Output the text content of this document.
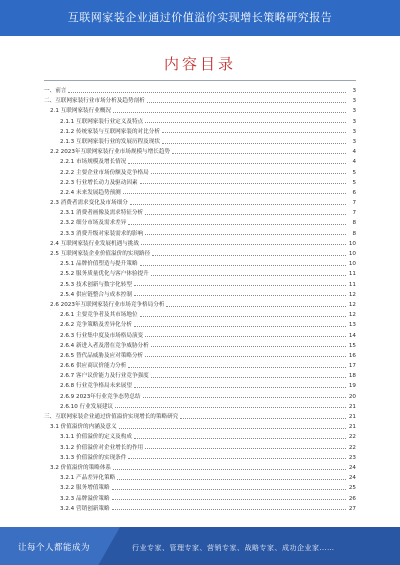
互联网家装企业通过价值溢价实现增长策略研究报告
内容目录
一、前言	3
二、互联网家装行业市场分析及趋势剖析	3
2.1 互联网家装行业概况	3
2.1.1 互联网家装行业定义及特点	3
2.1.2 传统家装与互联网家装的对比分析	3
2.1.3 互联网家装行业的发展历程及现状	3
2.2 2023年互联网家装行业市场规模与增长趋势	4
2.2.1 市场规模及增长情况	4
2.2.2 主要企业市场份额及竞争格局	5
2.2.3 行业增长动力及驱动因素	5
2.2.4 未来发展趋势预测	6
2.3 消费者需求变化及市场细分	7
2.3.1 消费者画像及需求特征分析	7
2.3.2 细分市场及需求差异	8
2.3.3 消费升级对家装需求的影响	8
2.4 互联网家装行业发展机遇与挑战	10
2.5 互联网家装企业价值溢价的实现路径	10
2.5.1 品牌价值塑造与提升策略	10
2.5.2 服务质量优化与客户体验提升	11
2.5.3 技术创新与数字化转型	11
2.5.4 供应链整合与成本控制	12
2.6 2023年互联网家装行业市场竞争格局分析	12
2.6.1 主要竞争者及其市场地位	12
2.6.2 竞争策略及差异化分析	13
2.6.3 行业集中度及市场格局演变	14
2.6.4 新进入者及潜在竞争威胁分析	15
2.6.5 替代品威胁及应对策略分析	16
2.6.6 供应商议价能力分析	17
2.6.7 客户议价能力及行业竞争强度	18
2.6.8 行业竞争格局未来展望	19
2.6.9 2023年行业竞争态势总结	20
2.6.10 行业发展建议	21
三、互联网家装企业通过价值溢价实现增长的策略研究	21
3.1 价值溢价的内涵及意义	21
3.1.1 价值溢价的定义及构成	22
3.1.2 价值溢价对企业增长的作用	22
3.1.3 价值溢价的实现条件	23
3.2 价值溢价的策略体系	24
3.2.1 产品差异化策略	24
3.2.2 服务增值策略	25
3.2.3 品牌溢价策略	26
3.2.4 营销创新策略	27
让每个人都能成为	行业专家、管理专家、营销专家、战略专家、成功企业家……
